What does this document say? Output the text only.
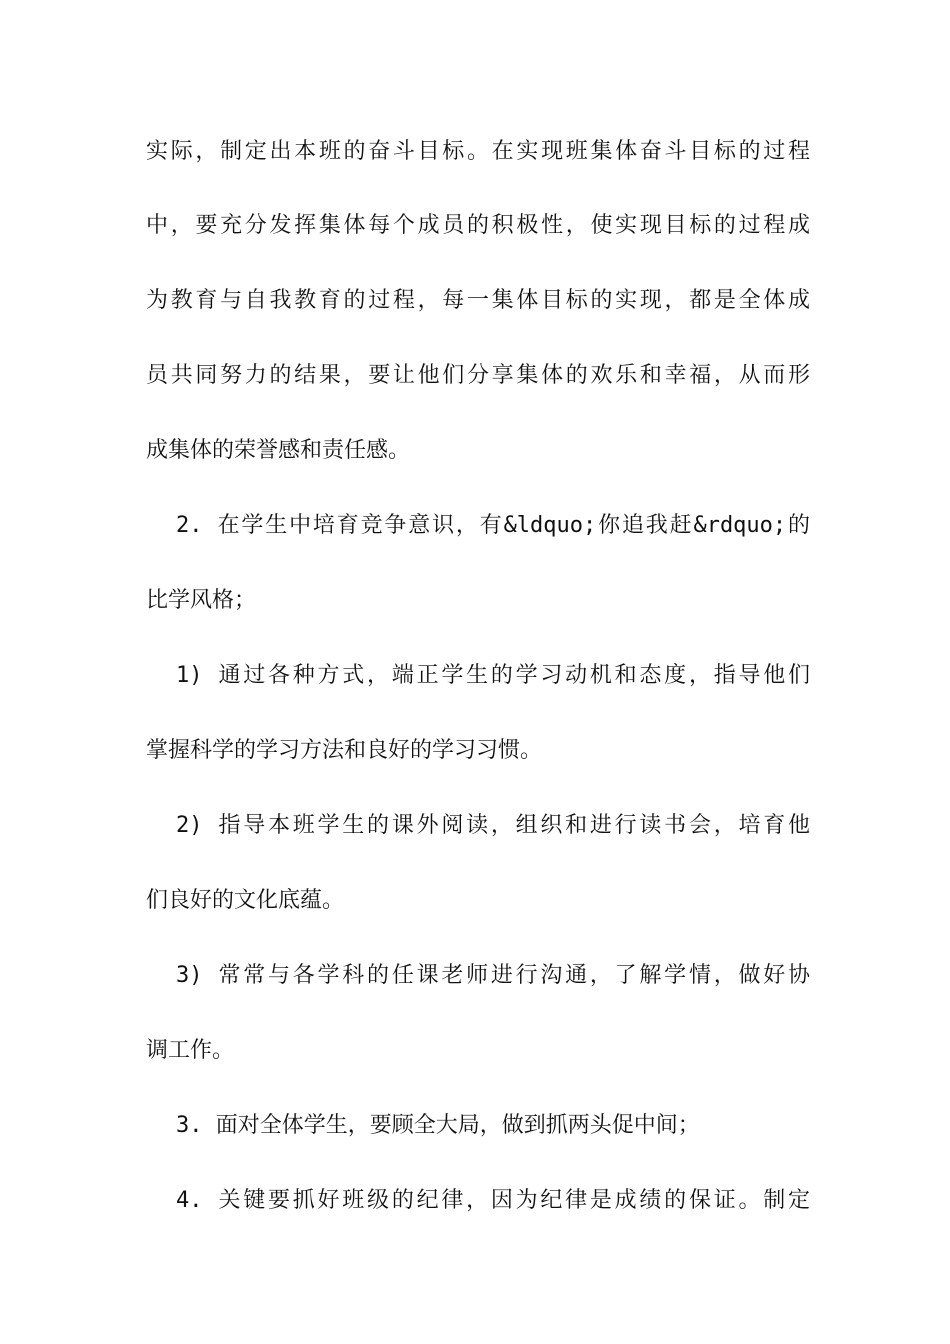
实际，制定出本班的奋斗目标。在实现班集体奋斗目标的过程
中，要充分发挥集体每个成员的积极性，使实现目标的过程成
为教育与自我教育的过程，每一集体目标的实现，都是全体成
员共同努力的结果，要让他们分享集体的欢乐和幸福，从而形
成集体的荣誉感和责任感。
2. 在学生中培育竞争意识，有&ldquo;你追我赶&rdquo;的
比学风格；
1) 通过各种方式，端正学生的学习动机和态度，指导他们
掌握科学的学习方法和良好的学习习惯。
2) 指导本班学生的课外阅读，组织和进行读书会，培育他
们良好的文化底蕴。
3) 常常与各学科的任课老师进行沟通，了解学情，做好协
调工作。
3. 面对全体学生，要顾全大局，做到抓两头促中间；
4. 关键要抓好班级的纪律，因为纪律是成绩的保证。制定
